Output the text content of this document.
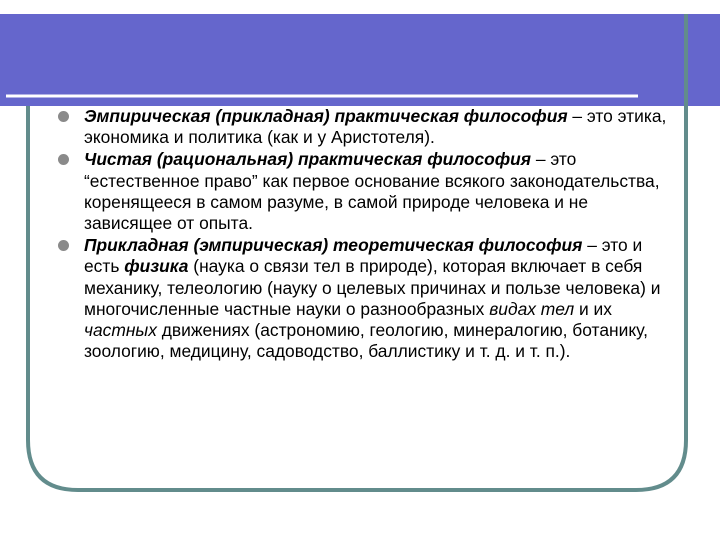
Эмпирическая (прикладная) практическая философия – это этика, экономика и политика (как и у Аристотеля).
Чистая (рациональная) практическая философия – это “естественное право” как первое основание всякого законодательства, коренящееся в самом разуме, в самой природе человека и не зависящее от опыта.
Прикладная (эмпирическая) теоретическая философия – это и есть физика (наука о связи тел в природе), которая включает в себя механику, телеологию (науку о целевых причинах и пользе человека) и многочисленные частные науки о разнообразных видах тел и их частных движениях (астрономию, геологию, минералогию, ботанику, зоологию, медицину, садоводство, баллистику и т. д. и т. п.).
